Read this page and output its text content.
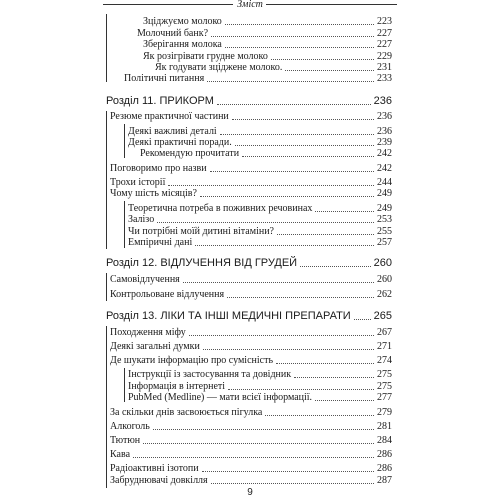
Зміст
Зціджуємо молоко	223
Молочний банк?	227
Зберігання молока	227
Як розігрівати грудне молоко	229
Як годувати зціджене молоко.	231
Політичні питання	233
Розділ 11. ПРИКОРМ	236
Резюме практичної частини	236
Деякі важливі деталі	236
Деякі практичні поради.	239
Рекомендую прочитати	242
Поговоримо про назви	242
Трохи історії	244
Чому шість місяців?	249
Теоретична потреба в поживних речовинах	249
Залізо	253
Чи потрібні моїй дитині вітаміни?	255
Емпіричні дані	257
Розділ 12. ВІДЛУЧЕННЯ ВІД ГРУДЕЙ	260
Самовідлучення	260
Контрольоване відлучення	262
Розділ 13. ЛІКИ ТА ІНШІ МЕДИЧНІ ПРЕПАРАТИ 265
Походження міфу	267
Деякі загальні думки	271
Де шукати інформацію про сумісність	274
Інструкції із застосування та довідник	275
Інформація в інтернеті	275
PubMed (Medline) — мати всієї інформації.	277
За скільки днів засвоюється пігулка	279
Алкоголь	281
Тютюн	284
Кава	286
Радіоактивні ізотопи	286
Забруднювачі довкілля	287
9
